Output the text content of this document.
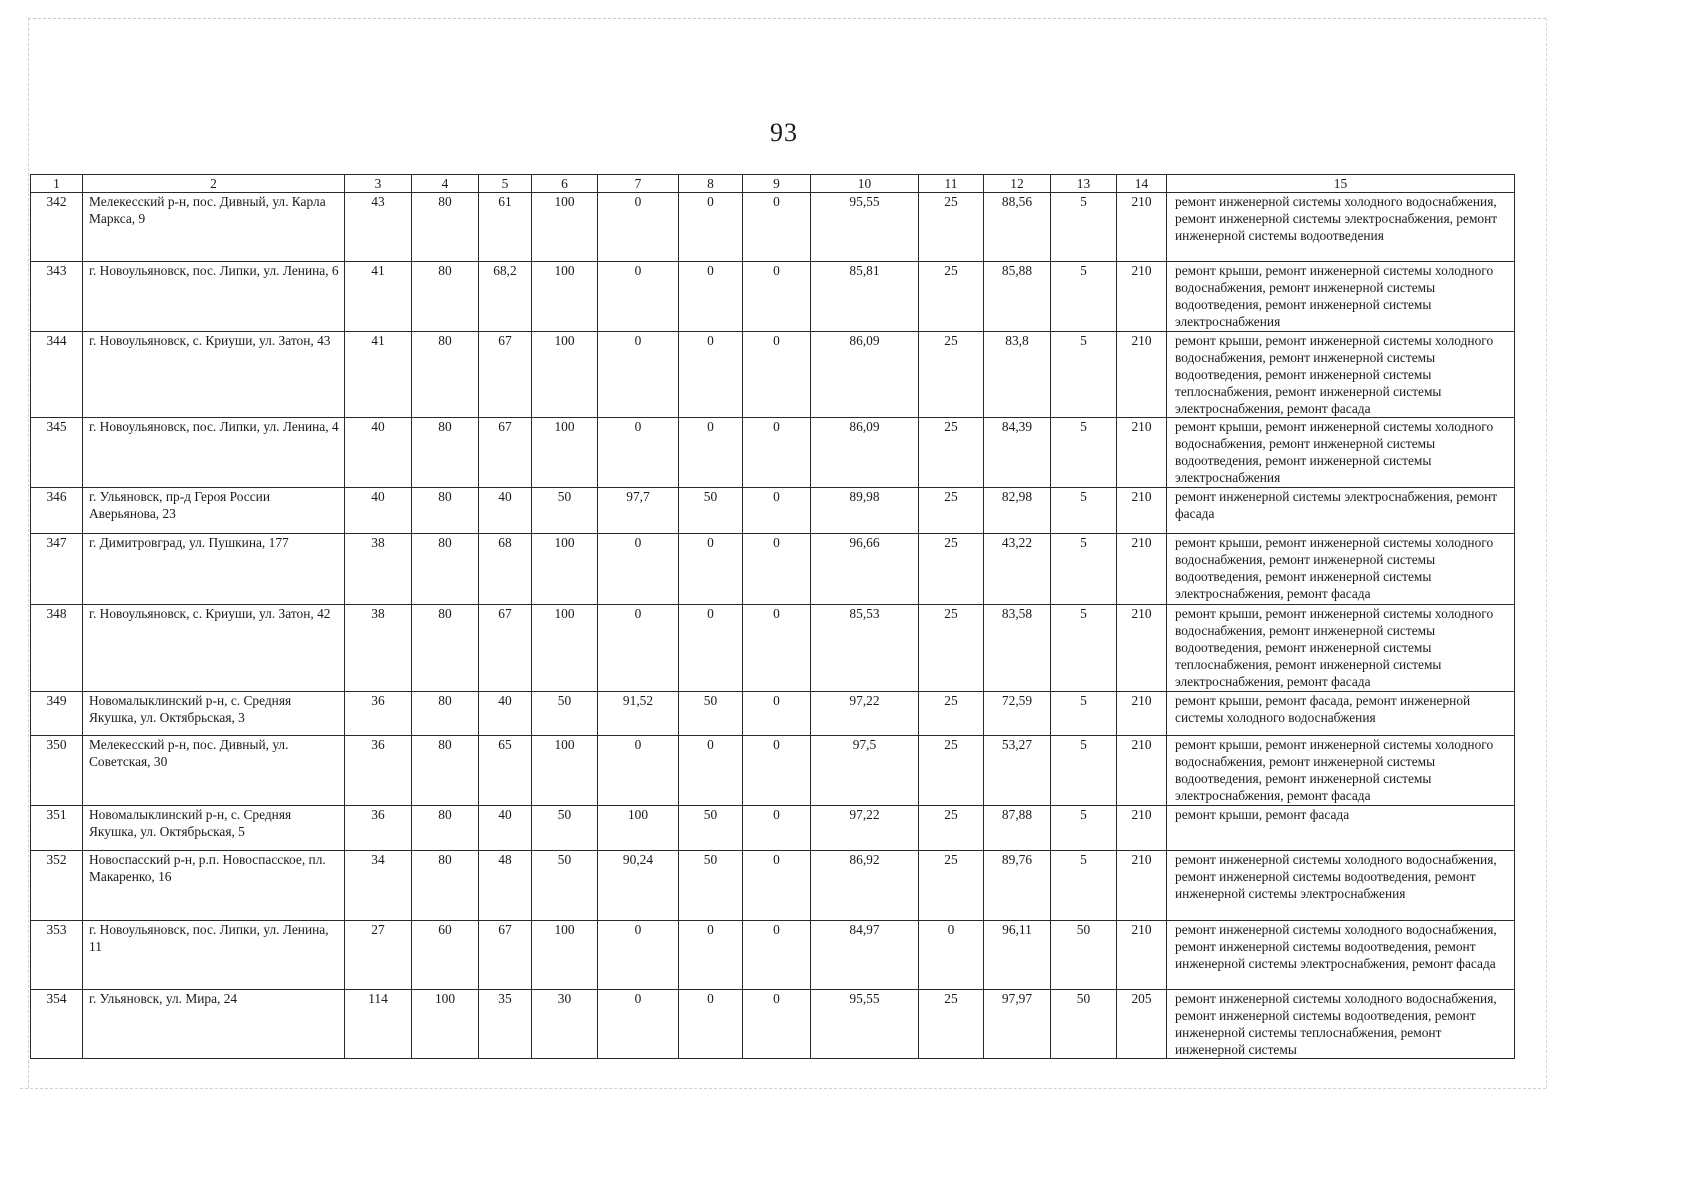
93
1	2	3	4	5	6	7	8	9	10	11	12	13	14	15
342	Мелекесский р-н, пос. Дивный, ул. Карла Маркса, 9	43	80	61	100	0	0	0	95,55	25	88,56	5	210	ремонт инженерной системы холодного водоснабжения, ремонт инженерной системы электроснабжения, ремонт инженерной системы водоотведения
343	г. Новоульяновск, пос. Липки, ул. Ленина, 6	41	80	68,2	100	0	0	0	85,81	25	85,88	5	210	ремонт крыши, ремонт инженерной системы холодного водоснабжения, ремонт инженерной системы водоотведения, ремонт инженерной системы электроснабжения
344	г. Новоульяновск, с. Криуши, ул. Затон, 43	41	80	67	100	0	0	0	86,09	25	83,8	5	210	ремонт крыши, ремонт инженерной системы холодного водоснабжения, ремонт инженерной системы водоотведения, ремонт инженерной системы теплоснабжения, ремонт инженерной системы электроснабжения, ремонт фасада
345	г. Новоульяновск, пос. Липки, ул. Ленина, 4	40	80	67	100	0	0	0	86,09	25	84,39	5	210	ремонт крыши, ремонт инженерной системы холодного водоснабжения, ремонт инженерной системы водоотведения, ремонт инженерной системы электроснабжения
346	г. Ульяновск, пр-д Героя России Аверьянова, 23	40	80	40	50	97,7	50	0	89,98	25	82,98	5	210	ремонт инженерной системы электроснабжения, ремонт фасада
347	г. Димитровград, ул. Пушкина, 177	38	80	68	100	0	0	0	96,66	25	43,22	5	210	ремонт крыши, ремонт инженерной системы холодного водоснабжения, ремонт инженерной системы водоотведения, ремонт инженерной системы электроснабжения, ремонт фасада
348	г. Новоульяновск, с. Криуши, ул. Затон, 42	38	80	67	100	0	0	0	85,53	25	83,58	5	210	ремонт крыши, ремонт инженерной системы холодного водоснабжения, ремонт инженерной системы водоотведения, ремонт инженерной системы теплоснабжения, ремонт инженерной системы электроснабжения, ремонт фасада
349	Новомалыклинский р-н, с. Средняя Якушка, ул. Октябрьская, 3	36	80	40	50	91,52	50	0	97,22	25	72,59	5	210	ремонт крыши, ремонт фасада, ремонт инженерной системы холодного водоснабжения
350	Мелекесский р-н, пос. Дивный, ул. Советская, 30	36	80	65	100	0	0	0	97,5	25	53,27	5	210	ремонт крыши, ремонт инженерной системы холодного водоснабжения, ремонт инженерной системы водоотведения, ремонт инженерной системы электроснабжения, ремонт фасада
351	Новомалыклинский р-н, с. Средняя Якушка, ул. Октябрьская, 5	36	80	40	50	100	50	0	97,22	25	87,88	5	210	ремонт крыши, ремонт фасада
352	Новоспасский р-н, р.п. Новоспасское, пл. Макаренко, 16	34	80	48	50	90,24	50	0	86,92	25	89,76	5	210	ремонт инженерной системы холодного водоснабжения, ремонт инженерной системы водоотведения, ремонт инженерной системы электроснабжения
353	г. Новоульяновск, пос. Липки, ул. Ленина, 11	27	60	67	100	0	0	0	84,97	0	96,11	50	210	ремонт инженерной системы холодного водоснабжения, ремонт инженерной системы водоотведения, ремонт инженерной системы электроснабжения, ремонт фасада
354	г. Ульяновск, ул. Мира, 24	114	100	35	30	0	0	0	95,55	25	97,97	50	205	ремонт инженерной системы холодного водоснабжения, ремонт инженерной системы водоотведения, ремонт инженерной системы теплоснабжения, ремонт инженерной системы
